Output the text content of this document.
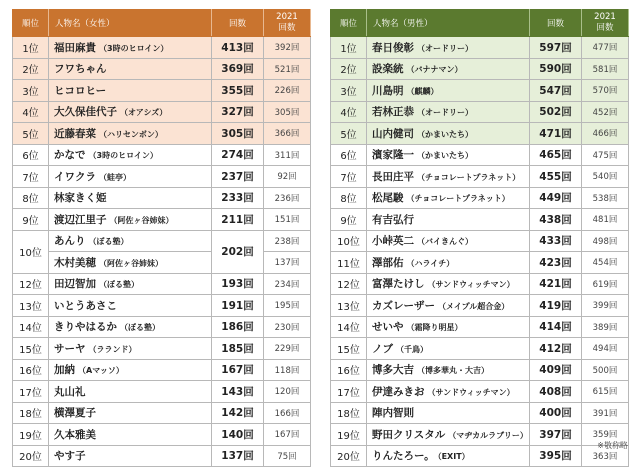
順位	人物名（女性）	回数	2021
回数
1位	福田麻貴 （3時のヒロイン）	413回	392回
2位	フワちゃん	369回	521回
3位	ヒコロヒー	355回	226回
4位	大久保佳代子 （オアシズ）	327回	305回
5位	近藤春菜 （ハリセンボン）	305回	366回
6位	かなで （3時のヒロイン）	274回	311回
7位	イワクラ （蛙亭）	237回	92回
8位	林家きく姫	233回	236回
9位	渡辺江里子 （阿佐ヶ谷姉妹）	211回	151回
10位	あんり （ぼる塾）	202回	238回
	木村美穂 （阿佐ヶ谷姉妹）		137回
12位	田辺智加 （ぼる塾）	193回	234回
13位	いとうあさこ	191回	195回
14位	きりやはるか （ぼる塾）	186回	230回
15位	サーヤ （ラランド）	185回	229回
16位	加納 （Aマッソ）	167回	118回
17位	丸山礼	143回	120回
18位	横澤夏子	142回	166回
19位	久本雅美	140回	167回
20位	やす子	137回	75回
順位	人物名（男性）	回数	2021
回数
1位	春日俊彰 （オードリー）	597回	477回
2位	設楽統 （バナナマン）	590回	581回
3位	川島明 （麒麟）	547回	570回
4位	若林正恭 （オードリー）	502回	452回
5位	山内健司 （かまいたち）	471回	466回
6位	濱家隆一 （かまいたち）	465回	475回
7位	長田庄平 （チョコレートプラネット）	455回	540回
8位	松尾駿 （チョコレートプラネット）	449回	538回
9位	有吉弘行	438回	481回
10位	小峠英二 （バイきんぐ）	433回	498回
11位	澤部佑 （ハライチ）	423回	454回
12位	富澤たけし （サンドウィッチマン）	421回	619回
13位	カズレーザー （メイプル超合金）	419回	399回
14位	せいや （霜降り明星）	414回	389回
15位	ノブ （千鳥）	412回	494回
16位	博多大吉 （博多華丸・大吉）	409回	500回
17位	伊達みきお （サンドウィッチマン）	408回	615回
18位	陣内智則	400回	391回
19位	野田クリスタル （マヂカルラブリー）	397回	359回
20位	りんたろー。 （EXIT）	395回	363回
※敬称略
